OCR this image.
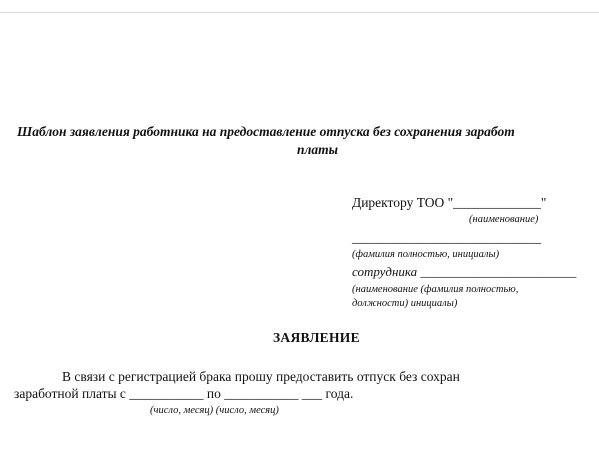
Шаблон заявления работника на предоставление отпуска без сохранения заработ
платы
Директору ТОО "_____________"
(наименование)
____________________________
(фамилия полностью, инициалы)
сотрудника ________________________
(наименование (фамилия полностью,
должности) инициалы)
ЗАЯВЛЕНИЕ
В связи с регистрацией брака прошу предоставить отпуск без сохран
заработной платы с ___________ по ___________ ___ года.
(число, месяц) (число, месяц)
